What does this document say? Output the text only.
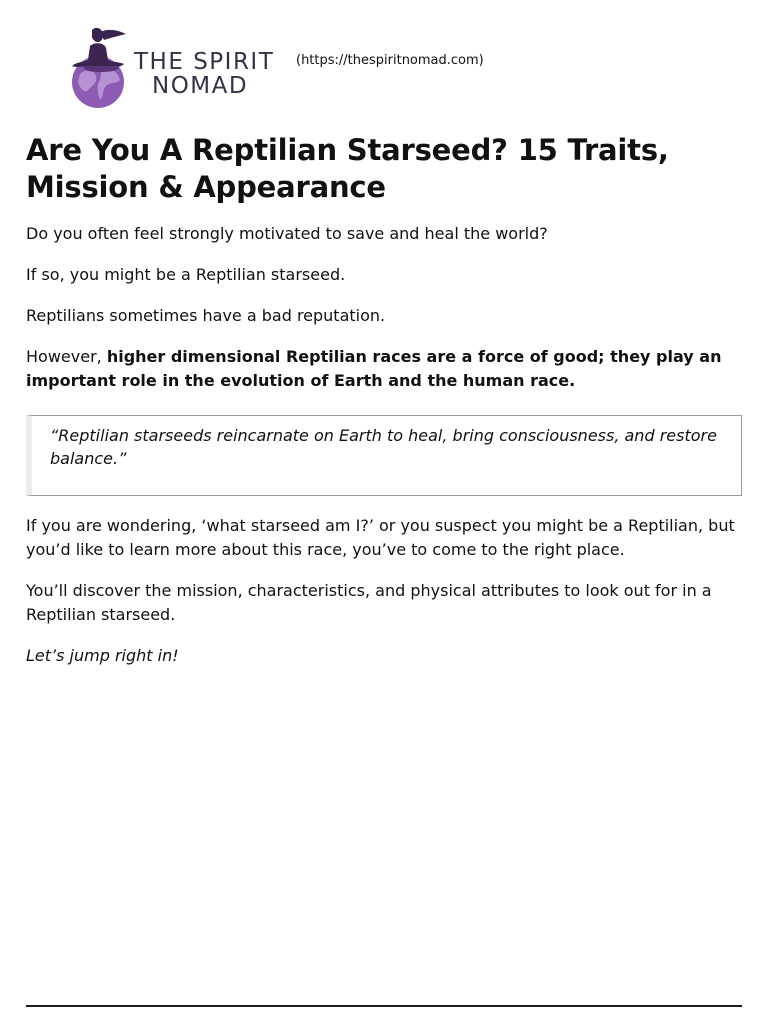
THE SPIRIT
NOMAD
(https://thespiritnomad.com)
Are You A Reptilian Starseed? 15 Traits, Mission & Appearance

Do you often feel strongly motivated to save and heal the world?

If so, you might be a Reptilian starseed.

Reptilians sometimes have a bad reputation.

However, higher dimensional Reptilian races are a force of good; they play an important role in the evolution of Earth and the human race.

“Reptilian starseeds reincarnate on Earth to heal, bring consciousness, and restore balance.”

If you are wondering, ‘what starseed am I?’ or you suspect you might be a Reptilian, but you’d like to learn more about this race, you’ve to come to the right place.

You’ll discover the mission, characteristics, and physical attributes to look out for in a Reptilian starseed.

Let’s jump right in!
